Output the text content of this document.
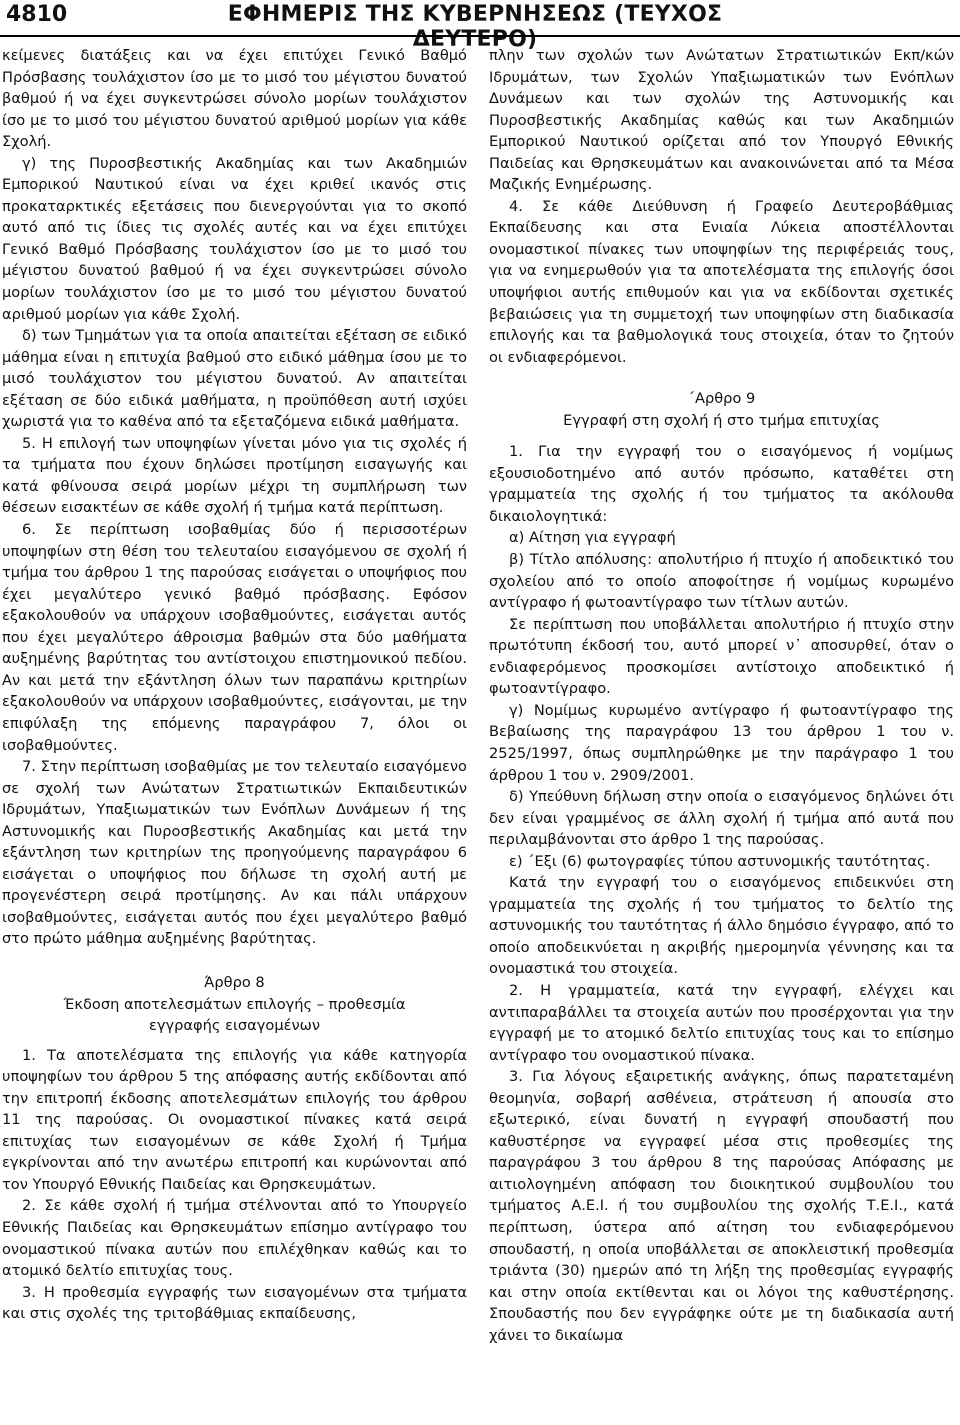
4810	ΕΦΗΜΕΡΙΣ ΤΗΣ ΚΥΒΕΡΝΗΣΕΩΣ (ΤΕΥΧΟΣ ΔΕΥΤΕΡΟ)

κείμενες διατάξεις και να έχει επιτύχει Γενικό Βαθμό Πρόσβασης τουλάχιστον ίσο με το μισό του μέγιστου δυνατού βαθμού ή να έχει συγκεντρώσει σύνολο μορίων τουλάχιστον ίσο με το μισό του μέγιστου δυνατού αριθμού μορίων για κάθε Σχολή.

γ) της Πυροσβεστικής Ακαδημίας και των Ακαδημιών Εμπορικού Ναυτικού είναι να έχει κριθεί ικανός στις προκαταρκτικές εξετάσεις που διενεργούνται για το σκοπό αυτό από τις ίδιες τις σχολές αυτές και να έχει επιτύχει Γενικό Βαθμό Πρόσβασης τουλάχιστον ίσο με το μισό του μέγιστου δυνατού βαθμού ή να έχει συγκεντρώσει σύνολο μορίων τουλάχιστον ίσο με το μισό του μέγιστου δυνατού αριθμού μορίων για κάθε Σχολή.

δ) των Τμημάτων για τα οποία απαιτείται εξέταση σε ειδικό μάθημα είναι η επιτυχία βαθμού στο ειδικό μάθημα ίσου με το μισό τουλάχιστον του μέγιστου δυνατού. Αν απαιτείται εξέταση σε δύο ειδικά μαθήματα, η προϋπόθεση αυτή ισχύει χωριστά για το καθένα από τα εξεταζόμενα ειδικά μαθήματα.

5. Η επιλογή των υποψηφίων γίνεται μόνο για τις σχολές ή τα τμήματα που έχουν δηλώσει προτίμηση εισαγωγής και κατά φθίνουσα σειρά μορίων μέχρι τη συμπλήρωση των θέσεων εισακτέων σε κάθε σχολή ή τμήμα κατά περίπτωση.

6. Σε περίπτωση ισοβαθμίας δύο ή περισσοτέρων υποψηφίων στη θέση του τελευταίου εισαγόμενου σε σχολή ή τμήμα του άρθρου 1 της παρούσας εισάγεται ο υποψήφιος που έχει μεγαλύτερο γενικό βαθμό πρόσβασης. Εφόσον εξακολουθούν να υπάρχουν ισοβαθμούντες, εισάγεται αυτός που έχει μεγαλύτερο άθροισμα βαθμών στα δύο μαθήματα αυξημένης βαρύτητας του αντίστοιχου επιστημονικού πεδίου. Αν και μετά την εξάντληση όλων των παραπάνω κριτηρίων εξακολουθούν να υπάρχουν ισοβαθμούντες, εισάγονται, με την επιφύλαξη της επόμενης παραγράφου 7, όλοι οι ισοβαθμούντες.

7. Στην περίπτωση ισοβαθμίας με τον τελευταίο εισαγόμενο σε σχολή των Ανώτατων Στρατιωτικών Εκπαιδευτικών Ιδρυμάτων, Υπαξιωματικών των Ενόπλων Δυνάμεων ή της Αστυνομικής και Πυροσβεστικής Ακαδημίας και μετά την εξάντληση των κριτηρίων της προηγούμενης παραγράφου 6 εισάγεται ο υποψήφιος που δήλωσε τη σχολή αυτή με προγενέστερη σειρά προτίμησης. Αν και πάλι υπάρχουν ισοβαθμούντες, εισάγεται αυτός που έχει μεγαλύτερο βαθμό στο πρώτο μάθημα αυξημένης βαρύτητας.

Άρθρο 8

Έκδοση αποτελεσμάτων επιλογής – προθεσμία εγγραφής εισαγομένων

1. Τα αποτελέσματα της επιλογής για κάθε κατηγορία υποψηφίων του άρθρου 5 της απόφασης αυτής εκδίδονται από την επιτροπή έκδοσης αποτελεσμάτων επιλογής του άρθρου 11 της παρούσας. Οι ονομαστικοί πίνακες κατά σειρά επιτυχίας των εισαγομένων σε κάθε Σχολή ή Τμήμα εγκρίνονται από την ανωτέρω επιτροπή και κυρώνονται από τον Υπουργό Εθνικής Παιδείας και Θρησκευμάτων.

2. Σε κάθε σχολή ή τμήμα στέλνονται από το Υπουργείο Εθνικής Παιδείας και Θρησκευμάτων επίσημο αντίγραφο του ονομαστικού πίνακα αυτών που επιλέχθηκαν καθώς και το ατομικό δελτίο επιτυχίας τους.

3. Η προθεσμία εγγραφής των εισαγομένων στα τμήματα και στις σχολές της τριτοβάθμιας εκπαίδευσης,

πλην των σχολών των Ανώτατων Στρατιωτικών Εκπ/κών Ιδρυμάτων, των Σχολών Υπαξιωματικών των Ενόπλων Δυνάμεων και των σχολών της Αστυνομικής και Πυροσβεστικής Ακαδημίας καθώς και των Ακαδημιών Εμπορικού Ναυτικού ορίζεται από τον Υπουργό Εθνικής Παιδείας και Θρησκευμάτων και ανακοινώνεται από τα Μέσα Μαζικής Ενημέρωσης.

4. Σε κάθε Διεύθυνση ή Γραφείο Δευτεροβάθμιας Εκπαίδευσης και στα Ενιαία Λύκεια αποστέλλονται ονομαστικοί πίνακες των υποψηφίων της περιφέρειάς τους, για να ενημερωθούν για τα αποτελέσματα της επιλογής όσοι υποψήφιοι αυτής επιθυμούν και για να εκδίδονται σχετικές βεβαιώσεις για τη συμμετοχή των υποψηφίων στη διαδικασία επιλογής και τα βαθμολογικά τους στοιχεία, όταν το ζητούν οι ενδιαφερόμενοι.

΄Αρθρο 9

Εγγραφή στη σχολή ή στο τμήμα επιτυχίας

1. Για την εγγραφή του ο εισαγόμενος ή νομίμως εξουσιοδοτημένο από αυτόν πρόσωπο, καταθέτει στη γραμματεία της σχολής ή του τμήματος τα ακόλουθα δικαιολογητικά:

α) Αίτηση για εγγραφή

β) Τίτλο απόλυσης: απολυτήριο ή πτυχίο ή αποδεικτικό του σχολείου από το οποίο αποφοίτησε ή νομίμως κυρωμένο αντίγραφο ή φωτοαντίγραφο των τίτλων αυτών.

Σε περίπτωση που υποβάλλεται απολυτήριο ή πτυχίο στην πρωτότυπη έκδοσή του, αυτό μπορεί ν᾽ αποσυρθεί, όταν ο ενδιαφερόμενος προσκομίσει αντίστοιχο αποδεικτικό ή φωτοαντίγραφο.

γ) Νομίμως κυρωμένο αντίγραφο ή φωτοαντίγραφο της Βεβαίωσης της παραγράφου 13 του άρθρου 1 του ν. 2525/1997, όπως συμπληρώθηκε με την παράγραφο 1 του άρθρου 1 του ν. 2909/2001.

δ) Υπεύθυνη δήλωση στην οποία ο εισαγόμενος δηλώνει ότι δεν είναι γραμμένος σε άλλη σχολή ή τμήμα από αυτά που περιλαμβάνονται στο άρθρο 1 της παρούσας.

ε) ΄Εξι (6) φωτογραφίες τύπου αστυνομικής ταυτότητας.

Κατά την εγγραφή του ο εισαγόμενος επιδεικνύει στη γραμματεία της σχολής ή του τμήματος το δελτίο της αστυνομικής του ταυτότητας ή άλλο δημόσιο έγγραφο, από το οποίο αποδεικνύεται η ακριβής ημερομηνία γέννησης και τα ονομαστικά του στοιχεία.

2. Η γραμματεία, κατά την εγγραφή, ελέγχει και αντιπαραβάλλει τα στοιχεία αυτών που προσέρχονται για την εγγραφή με το ατομικό δελτίο επιτυχίας τους και το επίσημο αντίγραφο του ονομαστικού πίνακα.

3. Για λόγους εξαιρετικής ανάγκης, όπως παρατεταμένη θεομηνία, σοβαρή ασθένεια, στράτευση ή απουσία στο εξωτερικό, είναι δυνατή η εγγραφή σπουδαστή που καθυστέρησε να εγγραφεί μέσα στις προθεσμίες της παραγράφου 3 του άρθρου 8 της παρούσας Απόφασης με αιτιολογημένη απόφαση του διοικητικού συμβουλίου του τμήματος Α.Ε.Ι. ή του συμβουλίου της σχολής Τ.Ε.Ι., κατά περίπτωση, ύστερα από αίτηση του ενδιαφερόμενου σπουδαστή, η οποία υποβάλλεται σε αποκλειστική προθεσμία τριάντα (30) ημερών από τη λήξη της προθεσμίας εγγραφής και στην οποία εκτίθενται και οι λόγοι της καθυστέρησης. Σπουδαστής που δεν εγγράφηκε ούτε με τη διαδικασία αυτή χάνει το δικαίωμα
